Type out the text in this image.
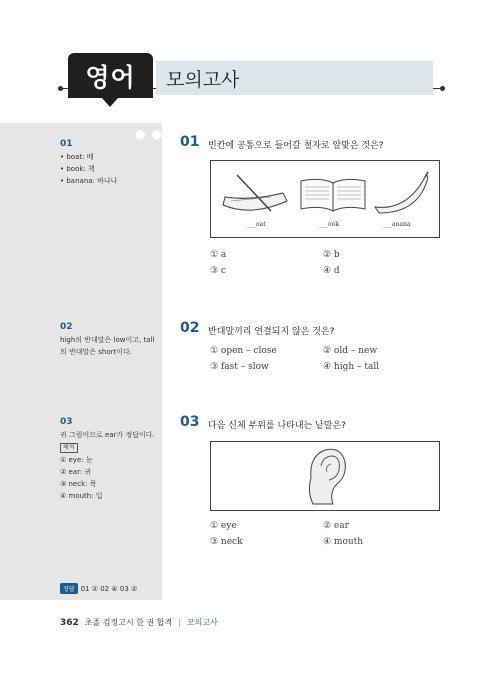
영어	모의고사
● ●
01
• boat: 배
• book: 책
• banana: 바나나
02
high의 반대말은 low이고, tall
의 반대말은 short이다.
03
귀 그림이므로 ear가 정답이다.
해석
① eye: 눈
② ear: 귀
③ neck: 목
④ mouth: 입
정답 01 ② 02 ④ 03 ②
01 빈칸에 공통으로 들어갈 철자로 알맞은 것은?
___oat	___ook	___anana
① a	② b
③ c	④ d
02 반대말끼리 연결되지 않은 것은?
① open – close	② old – new
③ fast – slow	④ high – tall
03 다음 신체 부위를 나타내는 낱말은?
① eye	② ear
③ neck	④ mouth
362 초졸 검정고시 한 권 합격 | 모의고사
